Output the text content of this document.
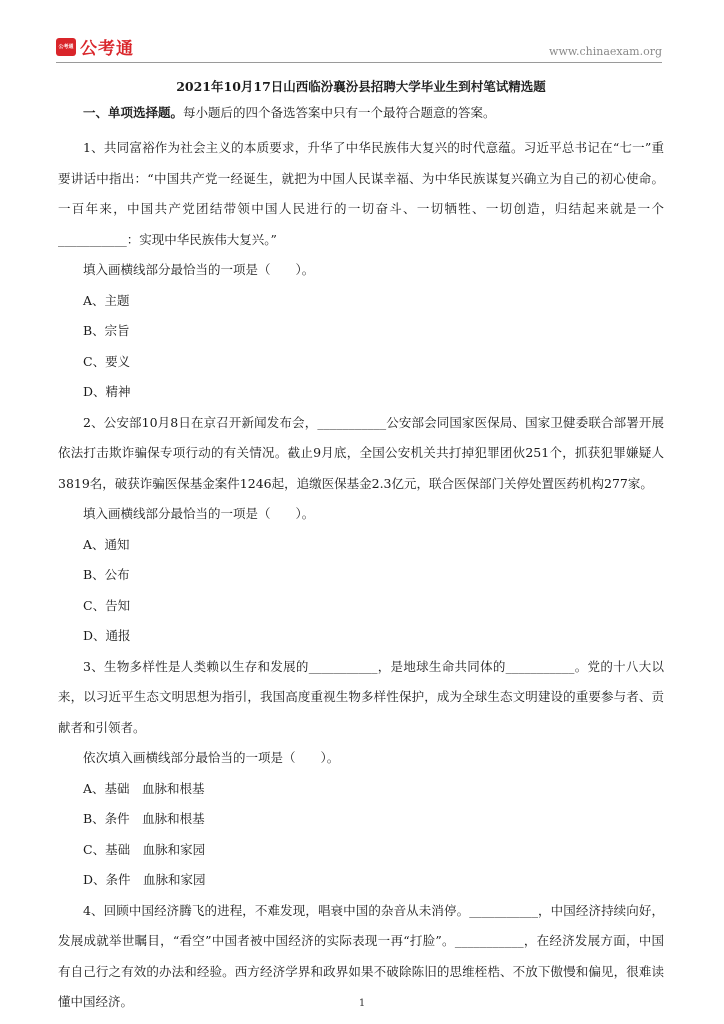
公考通 公考通	www.chinaexam.org

2021年10月17日山西临汾襄汾县招聘大学毕业生到村笔试精选题

一、单项选择题。每小题后的四个备选答案中只有一个最符合题意的答案。

1、共同富裕作为社会主义的本质要求，升华了中华民族伟大复兴的时代意蕴。习近平总书记在“七一”重要讲话中指出：“中国共产党一经诞生，就把为中国人民谋幸福、为中华民族谋复兴确立为自己的初心使命。一百年来，中国共产党团结带领中国人民进行的一切奋斗、一切牺牲、一切创造，归结起来就是一个___________：实现中华民族伟大复兴。”

填入画横线部分最恰当的一项是（　　）。

A、主题

B、宗旨

C、要义

D、精神

2、公安部10月8日在京召开新闻发布会，___________公安部会同国家医保局、国家卫健委联合部署开展依法打击欺诈骗保专项行动的有关情况。截止9月底，全国公安机关共打掉犯罪团伙251个，抓获犯罪嫌疑人3819名，破获诈骗医保基金案件1246起，追缴医保基金2.3亿元，联合医保部门关停处置医药机构277家。

填入画横线部分最恰当的一项是（　　）。

A、通知

B、公布

C、告知

D、通报

3、生物多样性是人类赖以生存和发展的___________，是地球生命共同体的___________。党的十八大以来，以习近平生态文明思想为指引，我国高度重视生物多样性保护，成为全球生态文明建设的重要参与者、贡献者和引领者。

依次填入画横线部分最恰当的一项是（　　）。

A、基础　血脉和根基

B、条件　血脉和根基

C、基础　血脉和家园

D、条件　血脉和家园

4、回顾中国经济腾飞的进程，不难发现，唱衰中国的杂音从未消停。___________，中国经济持续向好，发展成就举世瞩目，“看空”中国者被中国经济的实际表现一再“打脸”。___________，在经济发展方面，中国有自己行之有效的办法和经验。西方经济学界和政界如果不破除陈旧的思维桎梏、不放下傲慢和偏见，很难读懂中国经济。	1
